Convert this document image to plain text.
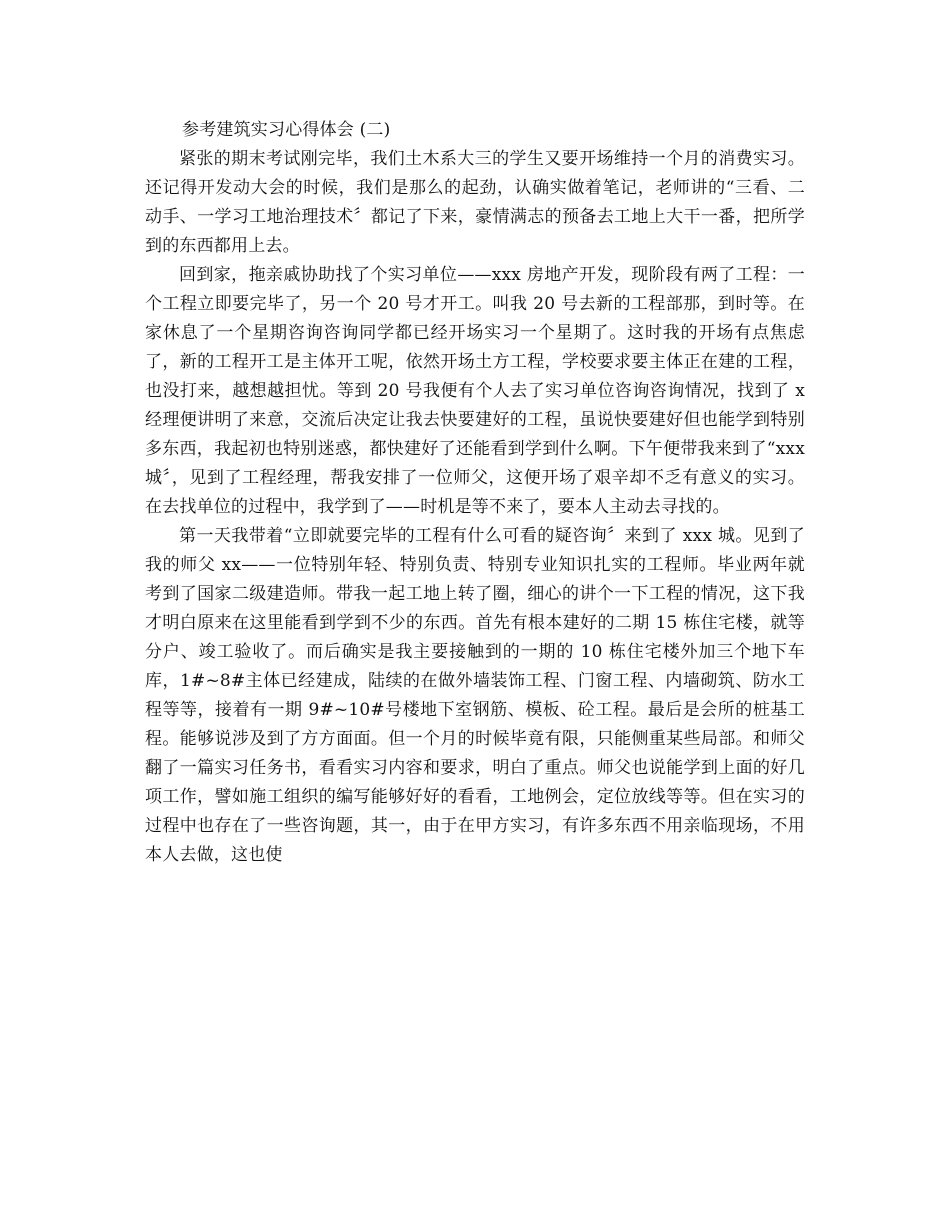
参考建筑实习心得体会 (二)

紧张的期末考试刚完毕，我们土木系大三的学生又要开场维持一个月的消费实习。还记得开发动大会的时候，我们是那么的起劲，认确实做着笔记，老师讲的“三看、二动手、一学习工地治理技术〞都记了下来，豪情满志的预备去工地上大干一番，把所学到的东西都用上去。

回到家，拖亲戚协助找了个实习单位——xxx 房地产开发，现阶段有两了工程：一个工程立即要完毕了，另一个 20 号才开工。叫我 20 号去新的工程部那，到时等。在家休息了一个星期咨询咨询同学都已经开场实习一个星期了。这时我的开场有点焦虑了，新的工程开工是主体开工呢，依然开场土方工程，学校要求要主体正在建的工程，也没打来，越想越担忧。等到 20 号我便有个人去了实习单位咨询咨询情况，找到了 x 经理便讲明了来意，交流后决定让我去快要建好的工程，虽说快要建好但也能学到特别多东西，我起初也特别迷惑，都快建好了还能看到学到什么啊。下午便带我来到了“xxx 城〞，见到了工程经理，帮我安排了一位师父，这便开场了艰辛却不乏有意义的实习。在去找单位的过程中，我学到了——时机是等不来了，要本人主动去寻找的。

第一天我带着“立即就要完毕的工程有什么可看的疑咨询〞来到了 xxx 城。见到了我的师父 xx——一位特别年轻、特别负责、特别专业知识扎实的工程师。毕业两年就考到了国家二级建造师。带我一起工地上转了圈，细心的讲个一下工程的情况，这下我才明白原来在这里能看到学到不少的东西。首先有根本建好的二期 15 栋住宅楼，就等分户、竣工验收了。而后确实是我主要接触到的一期的 10 栋住宅楼外加三个地下车库，1#~8#主体已经建成，陆续的在做外墙装饰工程、门窗工程、内墙砌筑、防水工程等等，接着有一期 9#~10#号楼地下室钢筋、模板、砼工程。最后是会所的桩基工程。能够说涉及到了方方面面。但一个月的时候毕竟有限，只能侧重某些局部。和师父翻了一篇实习任务书，看看实习内容和要求，明白了重点。师父也说能学到上面的好几项工作，譬如施工组织的编写能够好好的看看，工地例会，定位放线等等。但在实习的过程中也存在了一些咨询题，其一，由于在甲方实习，有许多东西不用亲临现场，不用本人去做，这也使
